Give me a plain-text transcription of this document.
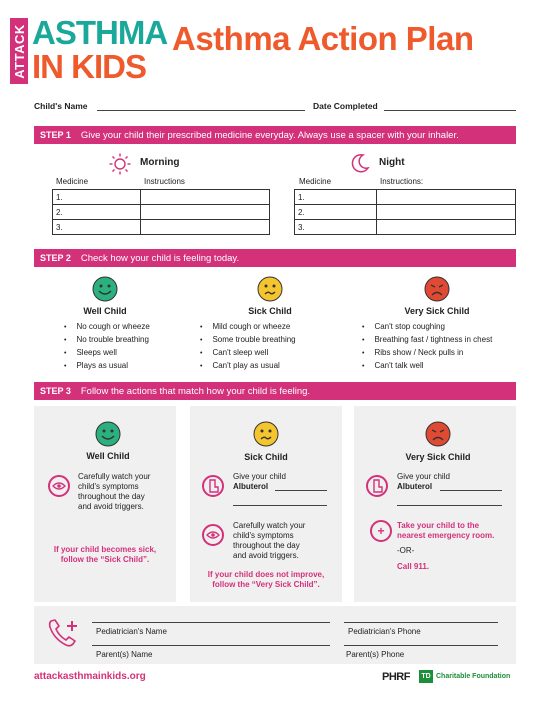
ATTACK ASTHMA
IN KIDS
Asthma Action Plan
Child's Name	Date Completed
STEP 1 Give your child their prescribed medicine everyday. Always use a spacer with your inhaler.
Morning
Medicine	Instructions
1.	
2.	
3.	
Night
Medicine	Instructions:
1.	
2.	
3.	
STEP 2 Check how your child is feeling today.
Well Child
• No cough or wheeze
• No trouble breathing
• Sleeps well
• Plays as usual
Sick Child
• Mild cough or wheeze
• Some trouble breathing
• Can't sleep well
• Can't play as usual
Very Sick Child
• Can't stop coughing
• Breathing fast / tightness in chest
• Ribs show / Neck pulls in
• Can't talk well
STEP 3 Follow the actions that match how your child is feeling.
Well Child
Carefully watch your
child's symptoms
throughout the day
and avoid triggers.
If your child becomes sick,
follow the “Sick Child”.
Sick Child
Give your child
Albuterol
Carefully watch your
child's symptoms
throughout the day
and avoid triggers.
If your child does not improve,
follow the “Very Sick Child”.
Very Sick Child
Give your child
Albuterol
+	Take your child to the
nearest emergency room.
-OR-
Call 911.
Pediatrician's Name	Pediatrician's Phone
Parent(s) Name	Parent(s) Phone
attackasthmainkids.org	PHRF	TD Charitable Foundation
